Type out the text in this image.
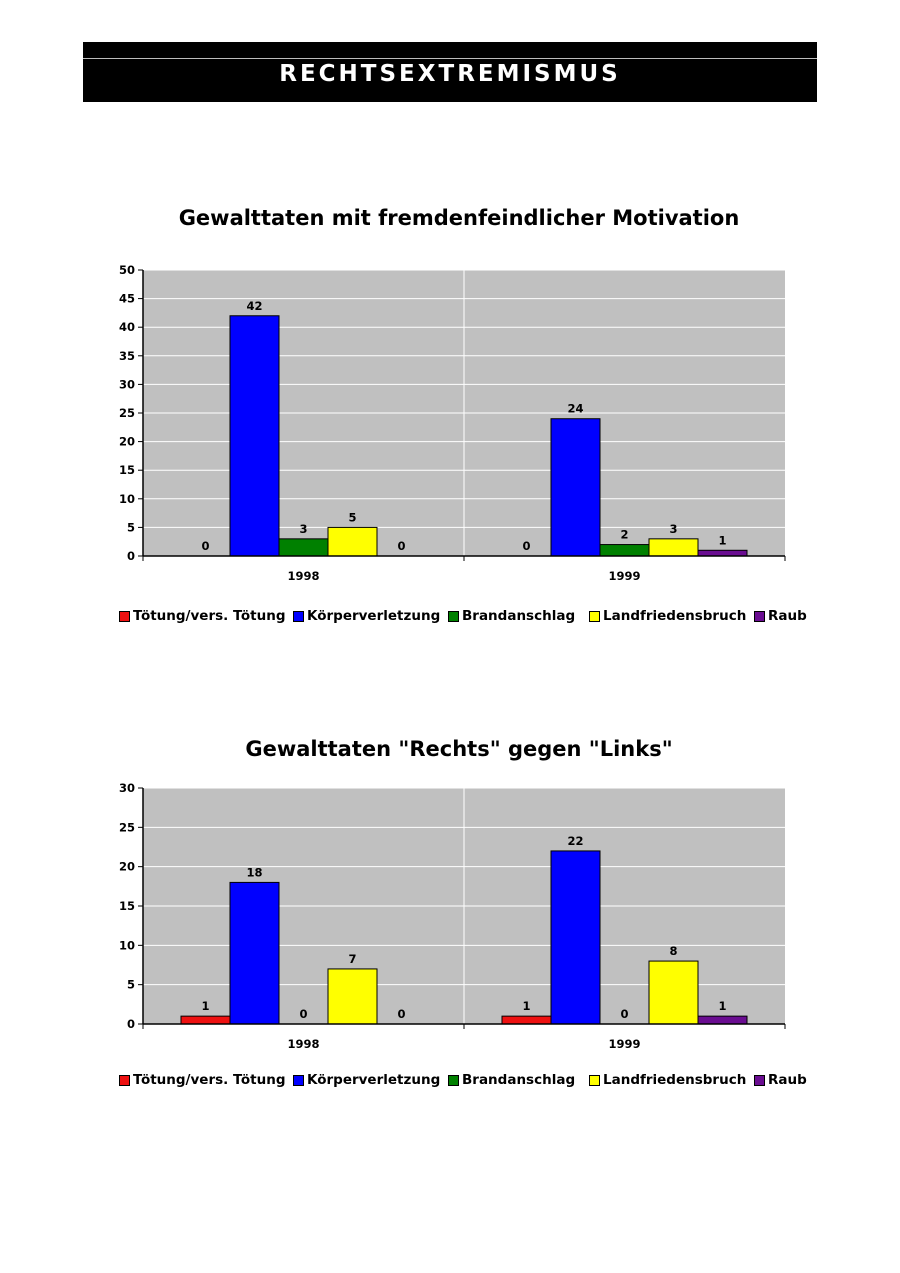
RECHTSEXTREMISMUS
Gewalttaten mit fremdenfeindlicher Motivation
0
5
10
15
20
25
30
35
40
45
50
0
42
3
5
0
1998
0
24
2	3
1
1999
Tötung/vers. Tötung Körperverletzung Brandanschlag Landfriedensbruch Raub
Gewalttaten "Rechts" gegen "Links"
0
5
10
15
20
25
30
1
18
0
7
0
1998
1
22
0
8
1
1999
Tötung/vers. Tötung Körperverletzung Brandanschlag Landfriedensbruch Raub
